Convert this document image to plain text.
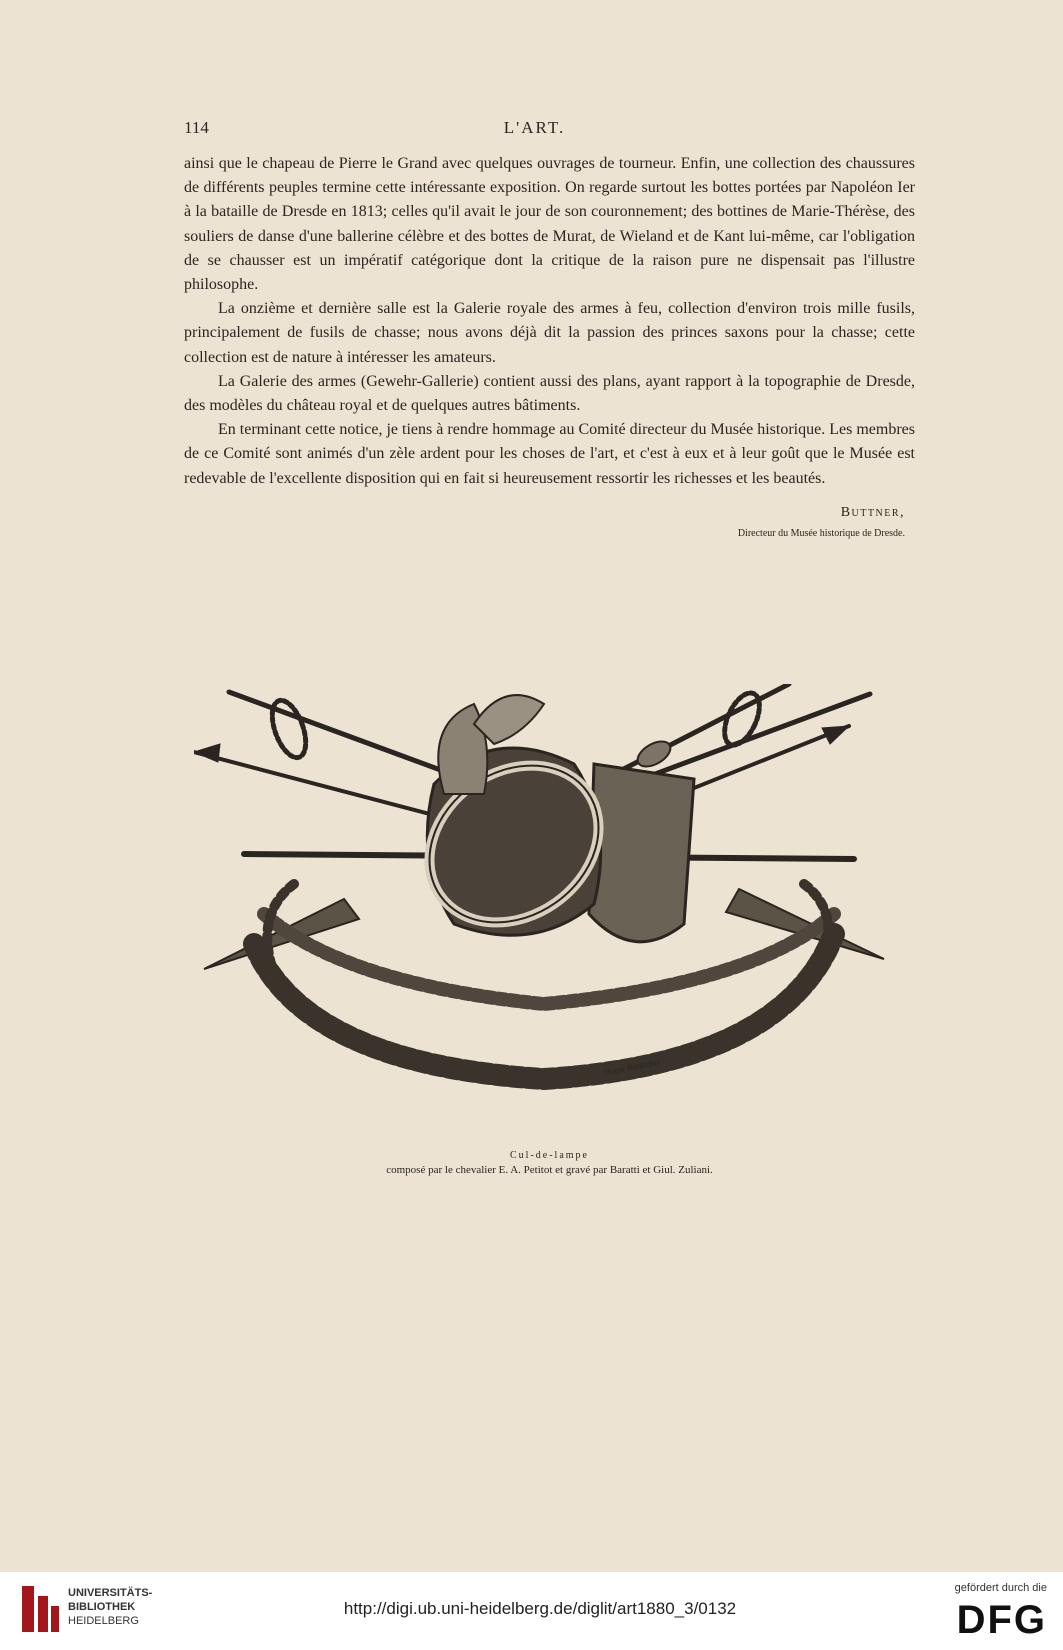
114	L'ART.

ainsi que le chapeau de Pierre le Grand avec quelques ouvrages de tourneur. Enfin, une collection des chaussures de différents peuples termine cette intéressante exposition. On regarde surtout les bottes portées par Napoléon Ier à la bataille de Dresde en 1813; celles qu'il avait le jour de son couronnement; des bottines de Marie-Thérèse, des souliers de danse d'une ballerine célèbre et des bottes de Murat, de Wieland et de Kant lui-même, car l'obligation de se chausser est un impératif catégorique dont la critique de la raison pure ne dispensait pas l'illustre philosophe.

La onzième et dernière salle est la Galerie royale des armes à feu, collection d'environ trois mille fusils, principalement de fusils de chasse; nous avons déjà dit la passion des princes saxons pour la chasse; cette collection est de nature à intéresser les amateurs.

La Galerie des armes (Gewehr-Gallerie) contient aussi des plans, ayant rapport à la topographie de Dresde, des modèles du château royal et de quelques autres bâtiments.

En terminant cette notice, je tiens à rendre hommage au Comité directeur du Musée historique. Les membres de ce Comité sont animés d'un zèle ardent pour les choses de l'art, et c'est à eux et à leur goût que le Musée est redevable de l'excellente disposition qui en fait si heureusement ressortir les richesses et les beautés.

Buttner,
Directeur du Musée historique de Dresde.
Victor Bonnefoy
Cul-de-lampe
composé par le chevalier E. A. Petitot et gravé par Baratti et Giul. Zuliani.
UNIVERSITÄTS-
BIBLIOTHEK
HEIDELBERG
http://digi.ub.uni-heidelberg.de/diglit/art1880_3/0132
gefördert durch die
DFG
